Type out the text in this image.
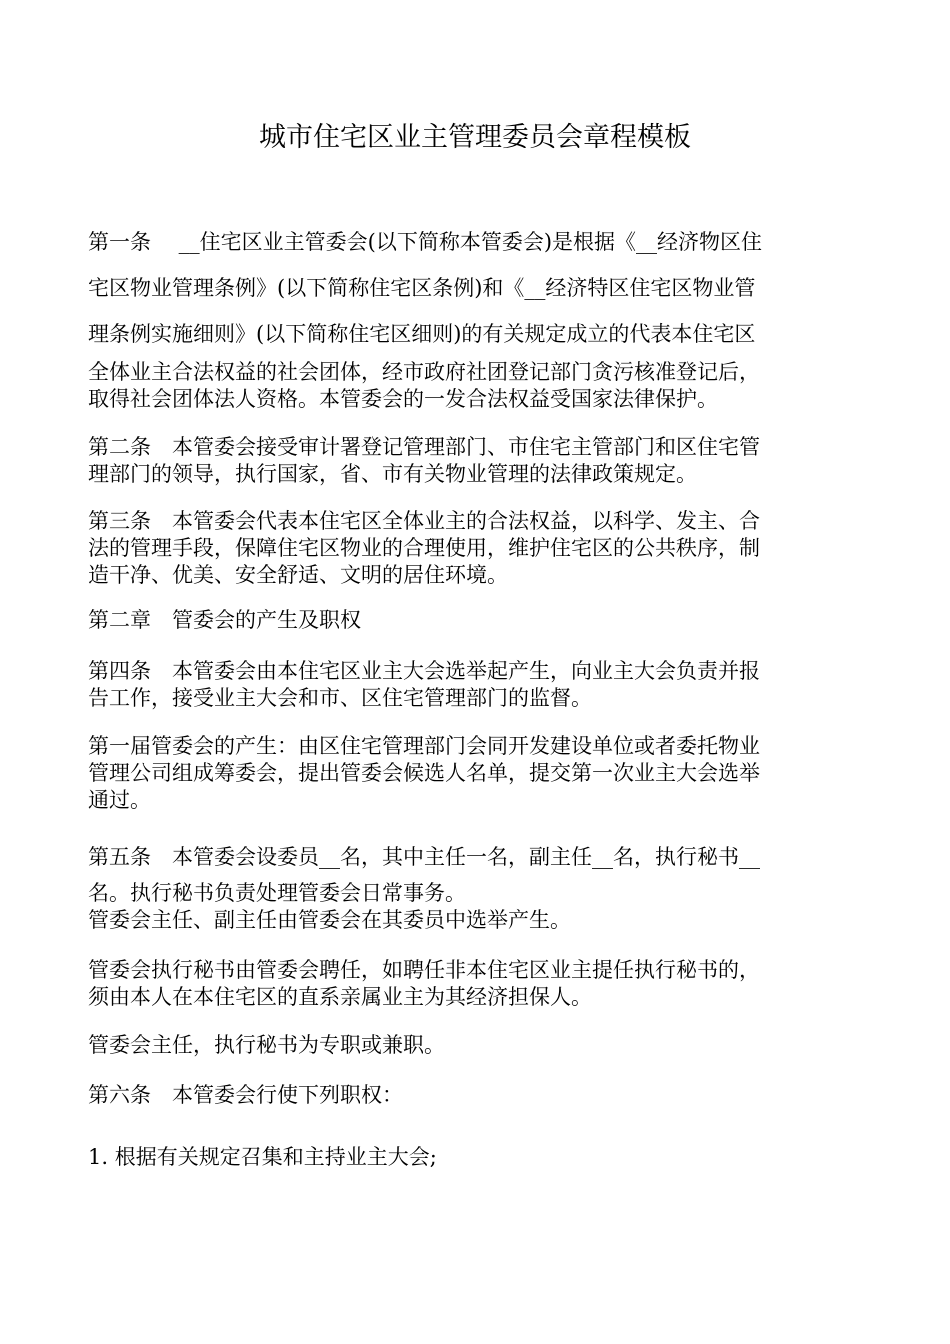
城市住宅区业主管理委员会章程模板
第一条　 __住宅区业主管委会(以下简称本管委会)是根据《__经济物区住
宅区物业管理条例》(以下简称住宅区条例)和《__经济特区住宅区物业管
理条例实施细则》(以下简称住宅区细则)的有关规定成立的代表本住宅区
全体业主合法权益的社会团体，经市政府社团登记部门贪污核准登记后，
取得社会团体法人资格。本管委会的一发合法权益受国家法律保护。
第二条　本管委会接受审计署登记管理部门、市住宅主管部门和区住宅管
理部门的领导，执行国家，省、市有关物业管理的法律政策规定。
第三条　本管委会代表本住宅区全体业主的合法权益，以科学、发主、合
法的管理手段，保障住宅区物业的合理使用，维护住宅区的公共秩序，制
造干净、优美、安全舒适、文明的居住环境。
第二章　管委会的产生及职权
第四条　本管委会由本住宅区业主大会选举起产生，向业主大会负责并报
告工作，接受业主大会和市、区住宅管理部门的监督。
第一届管委会的产生：由区住宅管理部门会同开发建设单位或者委托物业
管理公司组成筹委会，提出管委会候选人名单，提交第一次业主大会选举
通过。
第五条　本管委会设委员__名，其中主任一名，副主任__名，执行秘书__
名。执行秘书负责处理管委会日常事务。
管委会主任、副主任由管委会在其委员中选举产生。
管委会执行秘书由管委会聘任，如聘任非本住宅区业主提任执行秘书的，
须由本人在本住宅区的直系亲属业主为其经济担保人。
管委会主任，执行秘书为专职或兼职。
第六条　本管委会行使下列职权：
1. 根据有关规定召集和主持业主大会;
